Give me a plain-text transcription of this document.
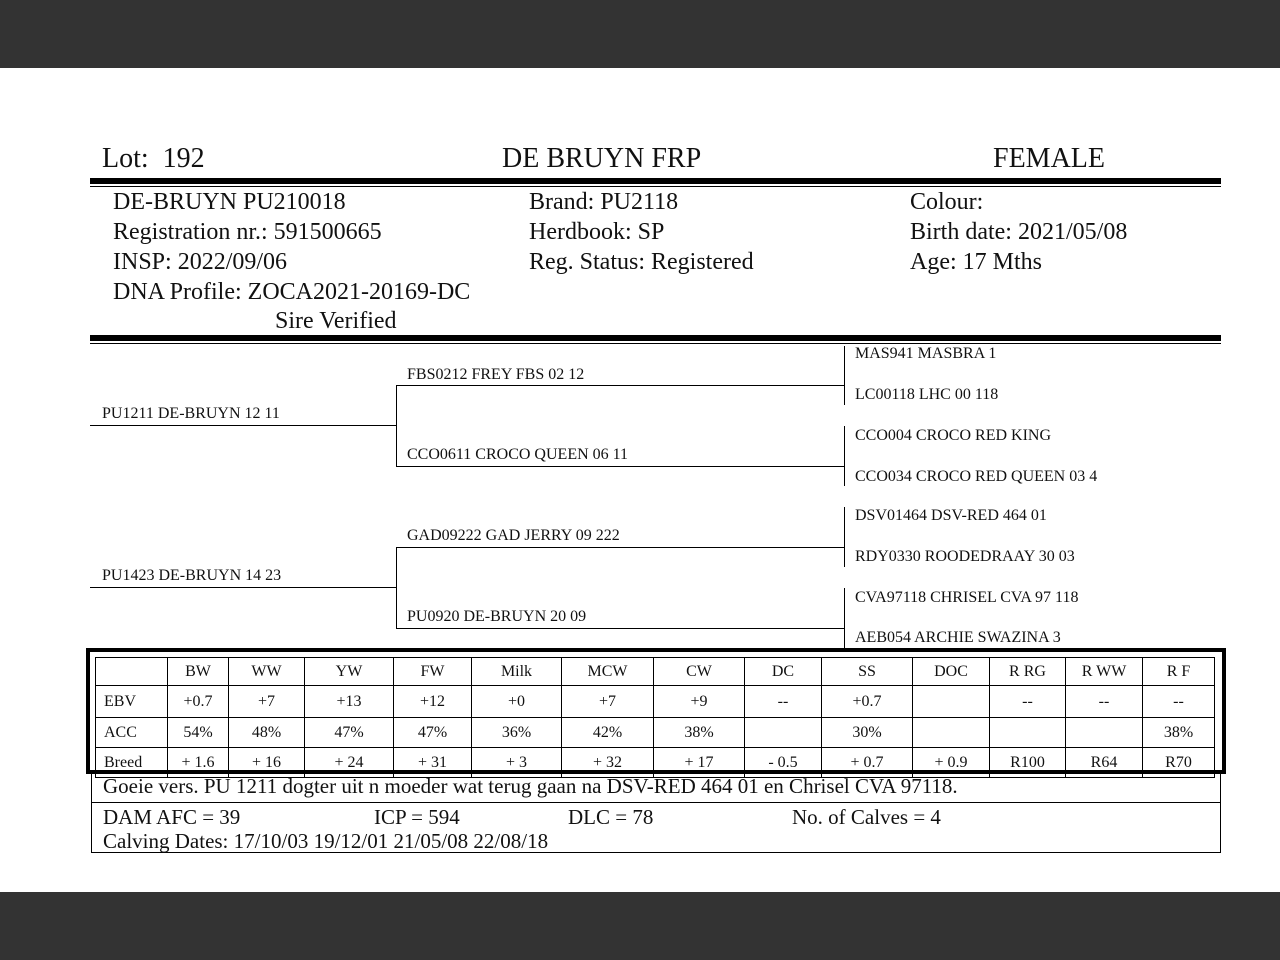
Lot: 192	DE BRUYN FRP	FEMALE
DE-BRUYN PU210018
Registration nr.: 591500665
INSP: 2022/09/06
DNA Profile: ZOCA2021-20169-DC
Sire Verified
Brand: PU2118
Herdbook: SP
Reg. Status: Registered
Colour:
Birth date: 2021/05/08
Age: 17 Mths
PU1211 DE-BRUYN 12 11
PU1423 DE-BRUYN 14 23
FBS0212 FREY FBS 02 12
CCO0611 CROCO QUEEN 06 11
GAD09222 GAD JERRY 09 222
PU0920 DE-BRUYN 20 09
MAS941 MASBRA 1
LC00118 LHC 00 118
CCO004 CROCO RED KING
CCO034 CROCO RED QUEEN 03 4
DSV01464 DSV-RED 464 01
RDY0330 ROODEDRAAY 30 03
CVA97118 CHRISEL CVA 97 118
AEB054 ARCHIE SWAZINA 3
	BW	WW	YW	FW	Milk	MCW	CW	DC	SS	DOC	R RG	R WW	R F
EBV	+0.7	+7	+13	+12	+0	+7	+9	--	+0.7		--	--	--
ACC	54%	48%	47%	47%	36%	42%	38%		30%				38%
Breed	+ 1.6	+ 16	+ 24	+ 31	+ 3	+ 32	+ 17	- 0.5	+ 0.7	+ 0.9	R100	R64	R70
Goeie vers. PU 1211 dogter uit n moeder wat terug gaan na DSV-RED 464 01 en Chrisel CVA 97118.
DAM AFC = 39	ICP = 594	DLC = 78	No. of Calves = 4
Calving Dates: 17/10/03 19/12/01 21/05/08 22/08/18
